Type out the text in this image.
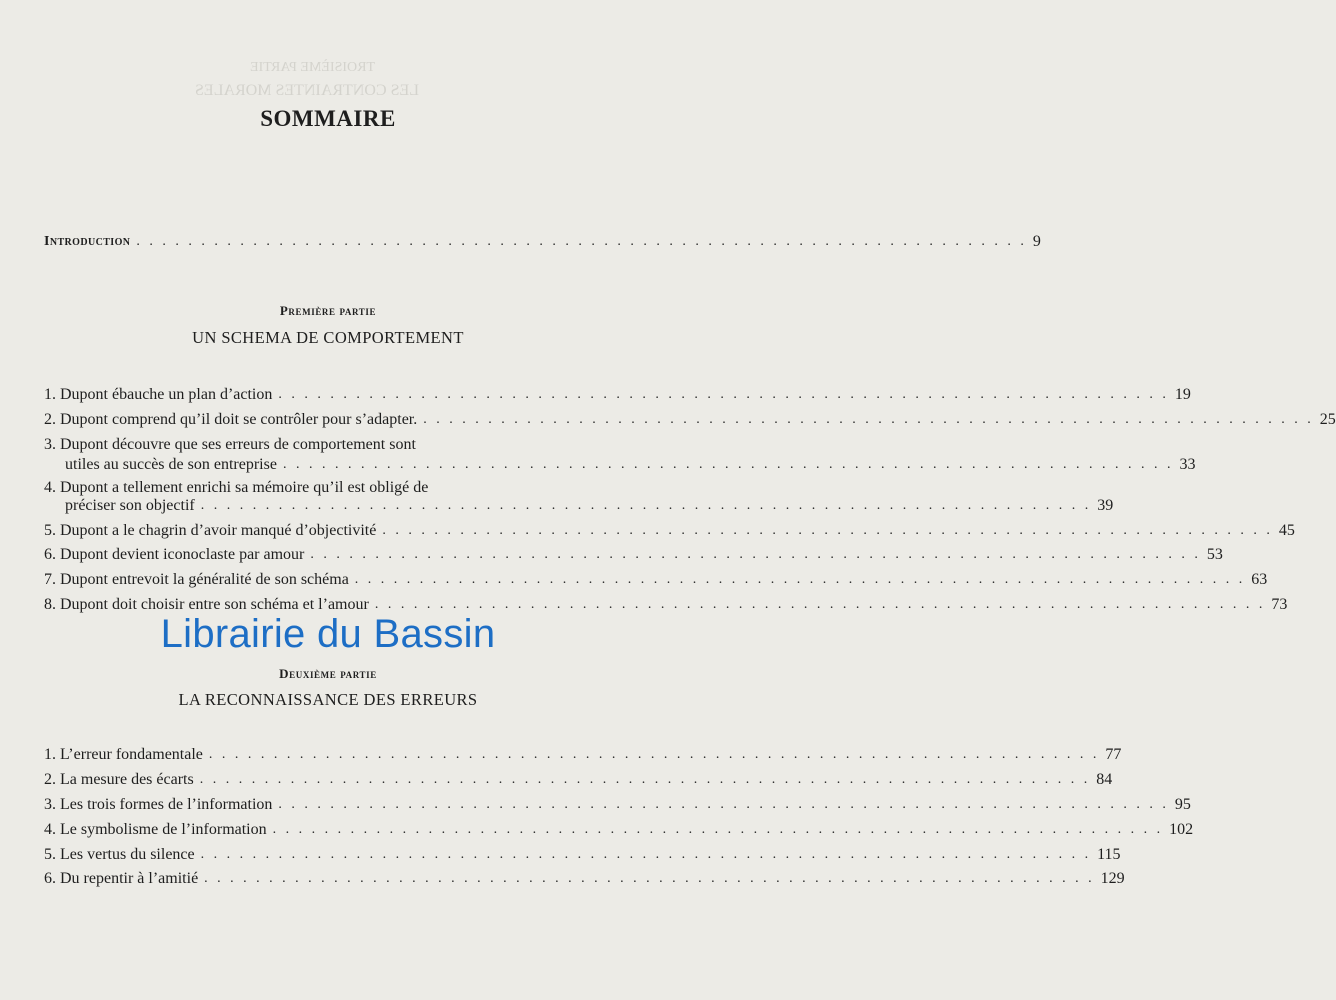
TROISIÈME PARTIE
LES CONTRAINTES MORALES
SOMMAIRE
Introduction . . . . . . . . . . . . . . . . . . . . . . . . . . . . . . . . . . . . . . . . . . . . . . . . . . . . . . . . . . . . . . . . . . . . . 9
Première partie
UN SCHEMA DE COMPORTEMENT
1. Dupont ébauche un plan d’action . . . . . . . . . . . . . . . . . . . . . . . . . . . . . . . . . . . . . . . . . . . . . . . . . . . . . . . . . . . . . . . . . . . . . 19
2. Dupont comprend qu’il doit se contrôler pour s’adapter. . . . . . . . . . . . . . . . . . . . . . . . . . . . . . . . . . . . . . . . . . . . . . . . . . . . . . . . . . . . . . . . . . . . . . 25
3. Dupont découvre que ses erreurs de comportement sont
utiles au succès de son entreprise . . . . . . . . . . . . . . . . . . . . . . . . . . . . . . . . . . . . . . . . . . . . . . . . . . . . . . . . . . . . . . . . . . . . . 33
4. Dupont a tellement enrichi sa mémoire qu’il est obligé de
préciser son objectif . . . . . . . . . . . . . . . . . . . . . . . . . . . . . . . . . . . . . . . . . . . . . . . . . . . . . . . . . . . . . . . . . . . . . 39
5. Dupont a le chagrin d’avoir manqué d’objectivité . . . . . . . . . . . . . . . . . . . . . . . . . . . . . . . . . . . . . . . . . . . . . . . . . . . . . . . . . . . . . . . . . . . . . 45
6. Dupont devient iconoclaste par amour . . . . . . . . . . . . . . . . . . . . . . . . . . . . . . . . . . . . . . . . . . . . . . . . . . . . . . . . . . . . . . . . . . . . . 53
7. Dupont entrevoit la généralité de son schéma . . . . . . . . . . . . . . . . . . . . . . . . . . . . . . . . . . . . . . . . . . . . . . . . . . . . . . . . . . . . . . . . . . . . . 63
8. Dupont doit choisir entre son schéma et l’amour . . . . . . . . . . . . . . . . . . . . . . . . . . . . . . . . . . . . . . . . . . . . . . . . . . . . . . . . . . . . . . . . . . . . . 73
Librairie du Bassin
Deuxième partie
LA RECONNAISSANCE DES ERREURS
1. L’erreur fondamentale . . . . . . . . . . . . . . . . . . . . . . . . . . . . . . . . . . . . . . . . . . . . . . . . . . . . . . . . . . . . . . . . . . . . . 77
2. La mesure des écarts . . . . . . . . . . . . . . . . . . . . . . . . . . . . . . . . . . . . . . . . . . . . . . . . . . . . . . . . . . . . . . . . . . . . . 84
3. Les trois formes de l’information . . . . . . . . . . . . . . . . . . . . . . . . . . . . . . . . . . . . . . . . . . . . . . . . . . . . . . . . . . . . . . . . . . . . . 95
4. Le symbolisme de l’information . . . . . . . . . . . . . . . . . . . . . . . . . . . . . . . . . . . . . . . . . . . . . . . . . . . . . . . . . . . . . . . . . . . . . 102
5. Les vertus du silence . . . . . . . . . . . . . . . . . . . . . . . . . . . . . . . . . . . . . . . . . . . . . . . . . . . . . . . . . . . . . . . . . . . . . 115
6. Du repentir à l’amitié . . . . . . . . . . . . . . . . . . . . . . . . . . . . . . . . . . . . . . . . . . . . . . . . . . . . . . . . . . . . . . . . . . . . . 129
